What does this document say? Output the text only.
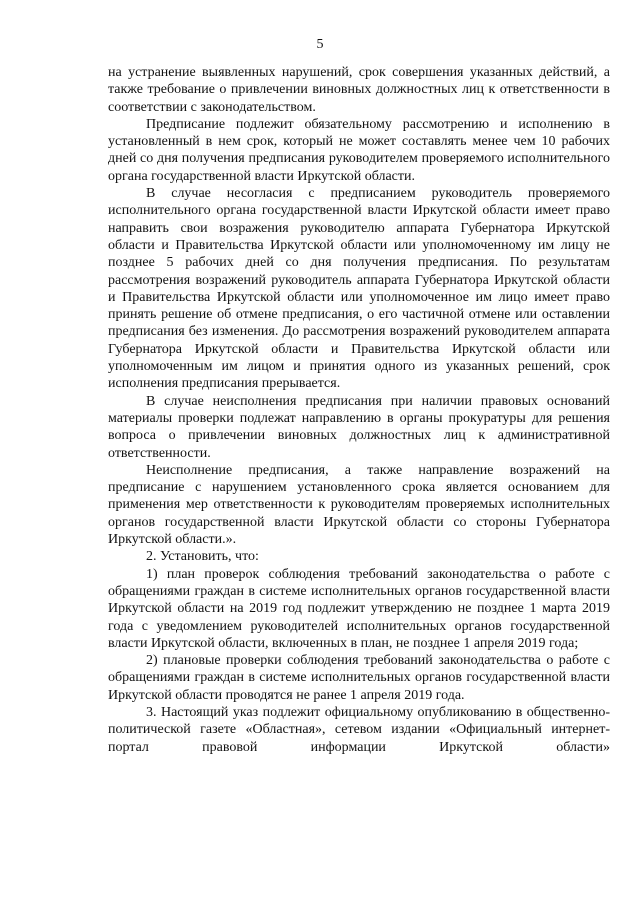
5

на устранение выявленных нарушений, срок совершения указанных действий, а также требование о привлечении виновных должностных лиц к ответственности в соответствии с законодательством.

Предписание подлежит обязательному рассмотрению и исполнению в установленный в нем срок, который не может составлять менее чем 10 рабочих дней со дня получения предписания руководителем проверяемого исполнительного органа государственной власти Иркутской области.

В случае несогласия с предписанием руководитель проверяемого исполнительного органа государственной власти Иркутской области имеет право направить свои возражения руководителю аппарата Губернатора Иркутской области и Правительства Иркутской области или уполномоченному им лицу не позднее 5 рабочих дней со дня получения предписания. По результатам рассмотрения возражений руководитель аппарата Губернатора Иркутской области и Правительства Иркутской области или уполномоченное им лицо имеет право принять решение об отмене предписания, о его частичной отмене или оставлении предписания без изменения. До рассмотрения возражений руководителем аппарата Губернатора Иркутской области и Правительства Иркутской области или уполномоченным им лицом и принятия одного из указанных решений, срок исполнения предписания прерывается.

В случае неисполнения предписания при наличии правовых оснований материалы проверки подлежат направлению в органы прокуратуры для решения вопроса о привлечении виновных должностных лиц к административной ответственности.

Неисполнение предписания, а также направление возражений на предписание с нарушением установленного срока является основанием для применения мер ответственности к руководителям проверяемых исполнительных органов государственной власти Иркутской области со стороны Губернатора Иркутской области.».

2. Установить, что:

1) план проверок соблюдения требований законодательства о работе с обращениями граждан в системе исполнительных органов государственной власти Иркутской области на 2019 год подлежит утверждению не позднее 1 марта 2019 года с уведомлением руководителей исполнительных органов государственной власти Иркутской области, включенных в план, не позднее 1 апреля 2019 года;

2) плановые проверки соблюдения требований законодательства о работе с обращениями граждан в системе исполнительных органов государственной власти Иркутской области проводятся не ранее 1 апреля 2019 года.

3. Настоящий указ подлежит официальному опубликованию в общественно-политической газете «Областная», сетевом издании «Официальный интернет-портал правовой информации Иркутской области»
